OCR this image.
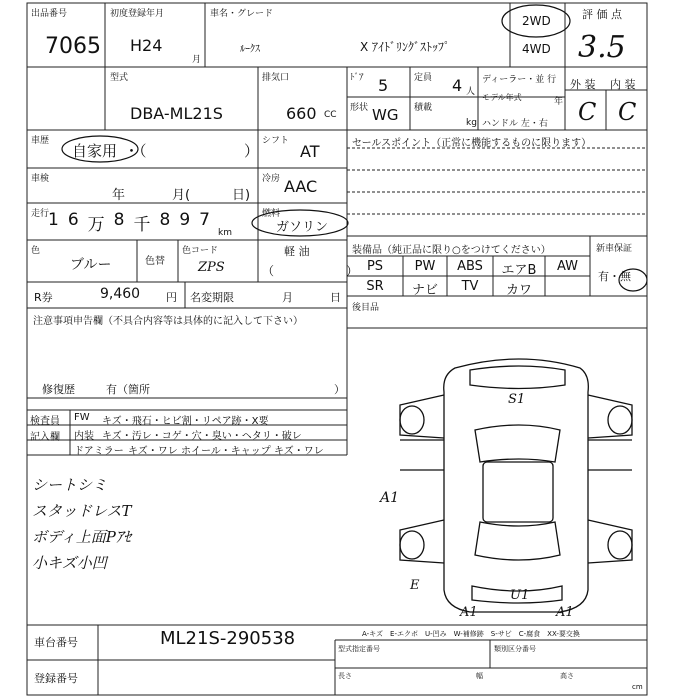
出品番号
7065
初度登録年月
H24
月
車名・グレード
ﾙｰｸｽ	X ｱｲﾄﾞﾘﾝｸﾞｽﾄｯﾌﾟ
2WD
4WD
評 価 点
3.5
型式
DBA-ML21S
排気口
660 CC
ﾄﾞｱ 5	定員 4 人
ディーラー・並 行
形状 WG 積載
kg
モデル年式	年
ハンドル 左・右
外 装 内 装
C C
車歴
自家用 ・（	）
シフト
AT	セールスポイント（正常に機能するものに限ります）
車検
年	月(	日)
冷房 AAC
走行
1 6 万 8 千 8 9 7
km
燃料
ガソリン
色
ブルー	色替
色コード
ZPS
軽 油
（　　　　　　）
装備品（純正品に限り○をつけてください）	新車保証
有・無
PS	PW	ABS	エアB	AW
SR	ナビ	TV	カワ
後目品
R券	9,460 円 名変期限	月	日
注意事項申告欄（不具合内容等は具体的に記入して下さい）
修復歴	有（箇所	）
検査員
記入欄
FW キズ・飛石・ヒビ割・リペア跡・X要
内装 キズ・汚レ・コゲ・穴・臭い・ヘタリ・破レ
ドアミラー キズ・ワレ ホイール・キャップ キズ・ワレ
シートシミ
スタッドレスT
ボディ上面Pｱｾ
小キズ小凹
S1
A1
E
U1
A1	A1
車台番号	ML21S-290538
登録番号
A-キズ　E-エクボ　U-凹み　W-補修跡　S-サビ　C-腐食　XX-要交換
型式指定番号	類別区分番号
長さ	幅	高さ
cm
